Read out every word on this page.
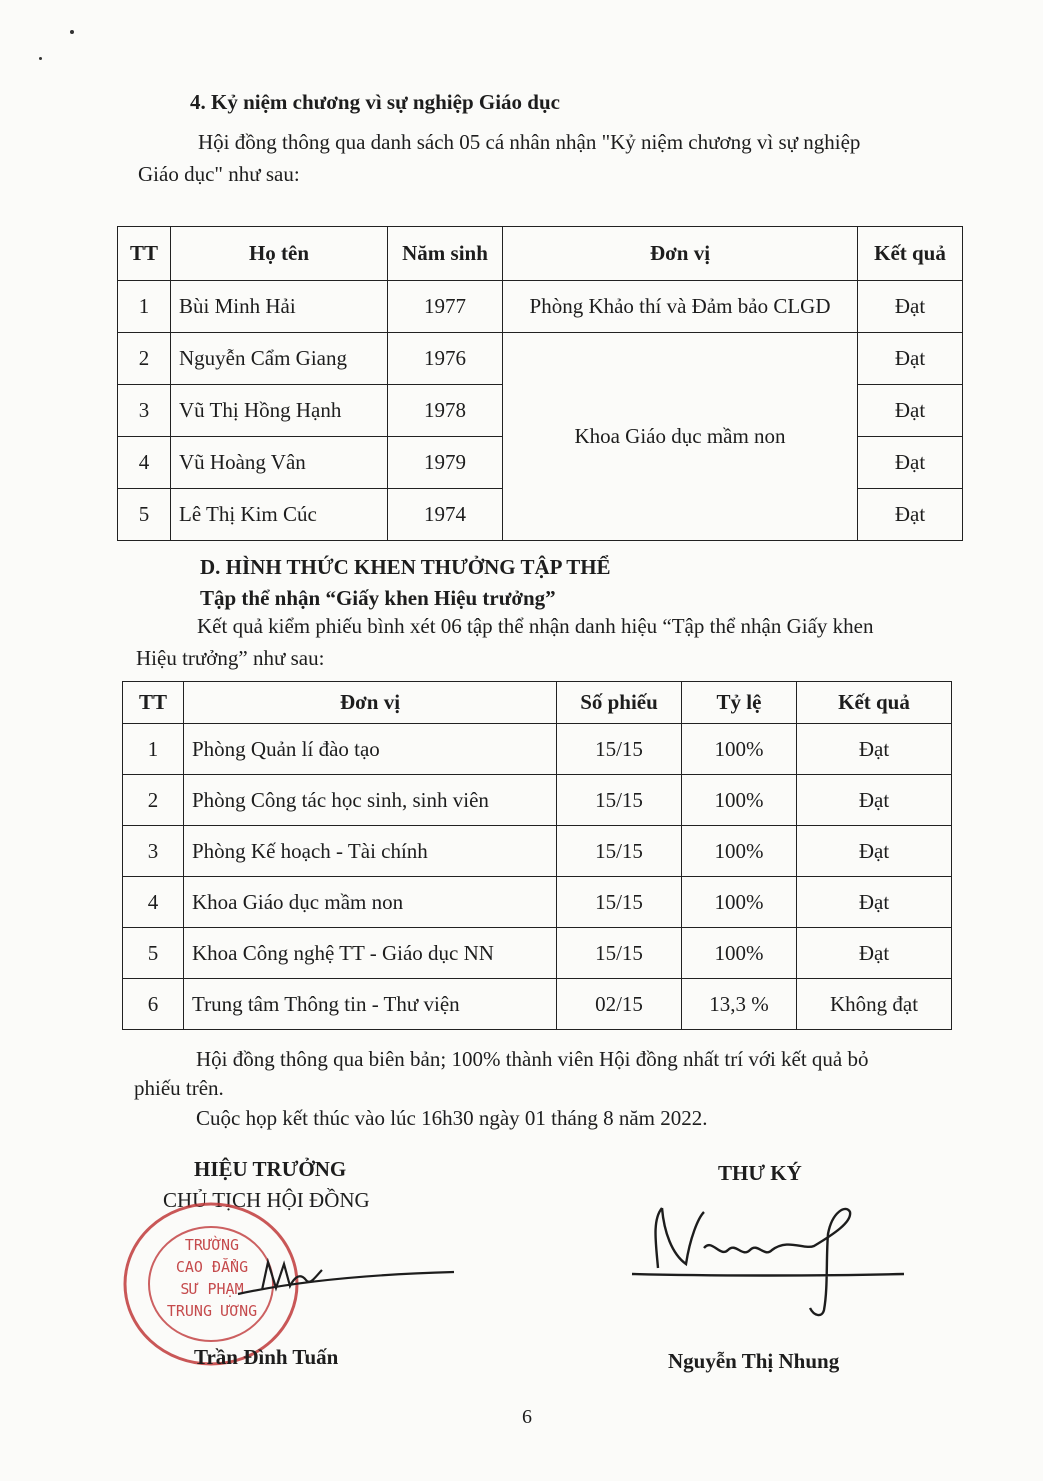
4. Kỷ niệm chương vì sự nghiệp Giáo dục
Hội đồng thông qua danh sách 05 cá nhân nhận "Kỷ niệm chương vì sự nghiệp
Giáo dục" như sau:
TT	Họ tên	Năm sinh	Đơn vị	Kết quả
1	Bùi Minh Hải	1977	Phòng Khảo thí và Đảm bảo CLGD	Đạt
2	Nguyễn Cẩm Giang	1976	Khoa Giáo dục mầm non	Đạt
3	Vũ Thị Hồng Hạnh	1978		Đạt
4	Vũ Hoàng Vân	1979		Đạt
5	Lê Thị Kim Cúc	1974		Đạt
D. HÌNH THỨC KHEN THƯỞNG TẬP THỂ
Tập thể nhận “Giấy khen Hiệu trưởng”
Kết quả kiểm phiếu bình xét 06 tập thể nhận danh hiệu “Tập thể nhận Giấy khen
Hiệu trưởng” như sau:
TT	Đơn vị	Số phiếu	Tỷ lệ	Kết quả
1	Phòng Quản lí đào tạo	15/15	100%	Đạt
2	Phòng Công tác học sinh, sinh viên	15/15	100%	Đạt
3	Phòng Kế hoạch - Tài chính	15/15	100%	Đạt
4	Khoa Giáo dục mầm non	15/15	100%	Đạt
5	Khoa Công nghệ TT - Giáo dục NN	15/15	100%	Đạt
6	Trung tâm Thông tin - Thư viện	02/15	13,3 %	Không đạt
Hội đồng thông qua biên bản; 100% thành viên Hội đồng nhất trí với kết quả bỏ
phiếu trên.
Cuộc họp kết thúc vào lúc 16h30 ngày 01 tháng 8 năm 2022.
HIỆU TRƯỞNG
CHỦ TỊCH HỘI ĐỒNG
THƯ KÝ
TRƯỜNG
CAO ĐẲNG
SƯ PHẠM
TRUNG ƯƠNG
Trần Đình Tuấn	Nguyễn Thị Nhung
6
